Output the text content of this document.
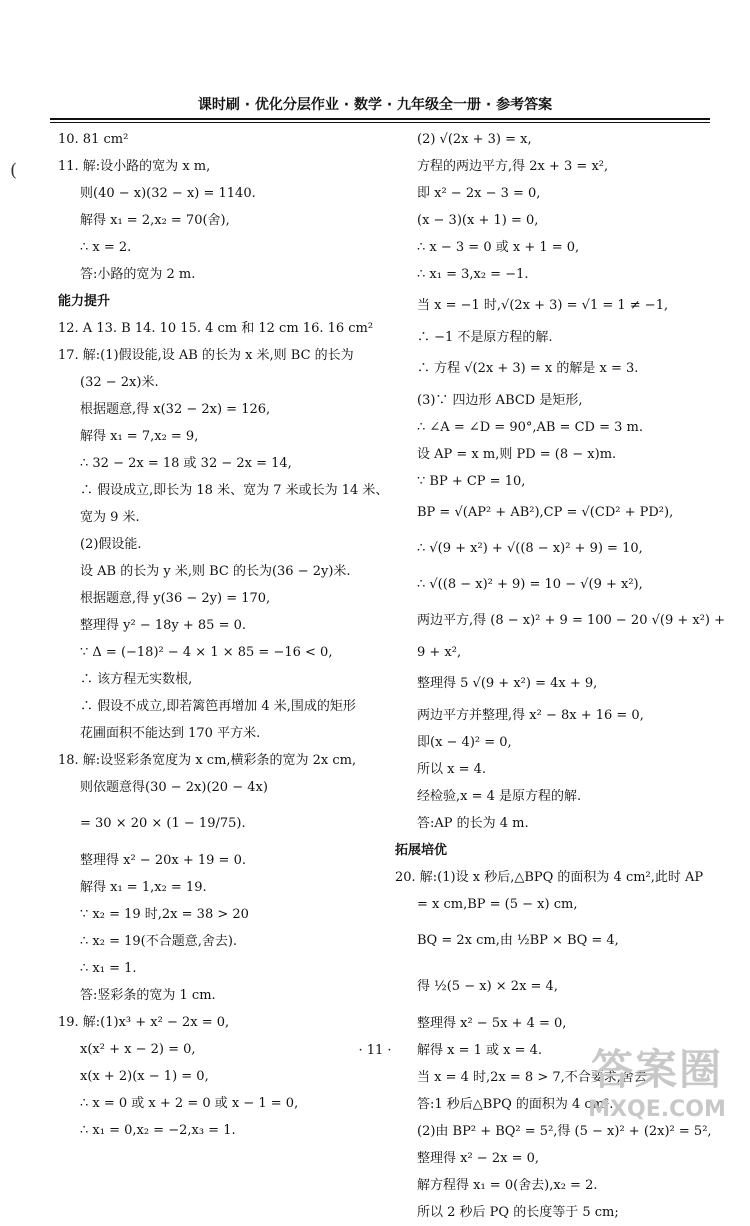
课时刷 · 优化分层作业 · 数学 · 九年级全一册 · 参考答案
(
10. 81 cm²
11. 解:设小路的宽为 x m,
则(40 − x)(32 − x) = 1140.
解得 x₁ = 2,x₂ = 70(舍),
∴ x = 2.
答:小路的宽为 2 m.
能力提升
12. A 13. B 14. 10 15. 4 cm 和 12 cm 16. 16 cm²
17. 解:(1)假设能,设 AB 的长为 x 米,则 BC 的长为
(32 − 2x)米.
根据题意,得 x(32 − 2x) = 126,
解得 x₁ = 7,x₂ = 9,
∴ 32 − 2x = 18 或 32 − 2x = 14,
∴ 假设成立,即长为 18 米、宽为 7 米或长为 14 米、
宽为 9 米.
(2)假设能.
设 AB 的长为 y 米,则 BC 的长为(36 − 2y)米.
根据题意,得 y(36 − 2y) = 170,
整理得 y² − 18y + 85 = 0.
∵ Δ = (−18)² − 4 × 1 × 85 = −16 < 0,
∴ 该方程无实数根,
∴ 假设不成立,即若篱笆再增加 4 米,围成的矩形
花圃面积不能达到 170 平方米.
18. 解:设竖彩条宽度为 x cm,横彩条的宽为 2x cm,
则依题意得(30 − 2x)(20 − 4x)
= 30 × 20 × (1 − 19/75).
整理得 x² − 20x + 19 = 0.
解得 x₁ = 1,x₂ = 19.
∵ x₂ = 19 时,2x = 38 > 20
∴ x₂ = 19(不合题意,舍去).
∴ x₁ = 1.
答:竖彩条的宽为 1 cm.
19. 解:(1)x³ + x² − 2x = 0,
x(x² + x − 2) = 0,
x(x + 2)(x − 1) = 0,
∴ x = 0 或 x + 2 = 0 或 x − 1 = 0,
∴ x₁ = 0,x₂ = −2,x₃ = 1.
(2) √(2x + 3) = x,
方程的两边平方,得 2x + 3 = x²,
即 x² − 2x − 3 = 0,
(x − 3)(x + 1) = 0,
∴ x − 3 = 0 或 x + 1 = 0,
∴ x₁ = 3,x₂ = −1.
当 x = −1 时,√(2x + 3) = √1 = 1 ≠ −1,
∴ −1 不是原方程的解.
∴ 方程 √(2x + 3) = x 的解是 x = 3.
(3)∵ 四边形 ABCD 是矩形,
∴ ∠A = ∠D = 90°,AB = CD = 3 m.
设 AP = x m,则 PD = (8 − x)m.
∵ BP + CP = 10,
BP = √(AP² + AB²),CP = √(CD² + PD²),
∴ √(9 + x²) + √((8 − x)² + 9) = 10,
∴ √((8 − x)² + 9) = 10 − √(9 + x²),
两边平方,得 (8 − x)² + 9 = 100 − 20 √(9 + x²) +
9 + x²,
整理得 5 √(9 + x²) = 4x + 9,
两边平方并整理,得 x² − 8x + 16 = 0,
即(x − 4)² = 0,
所以 x = 4.
经检验,x = 4 是原方程的解.
答:AP 的长为 4 m.
拓展培优
20. 解:(1)设 x 秒后,△BPQ 的面积为 4 cm²,此时 AP
= x cm,BP = (5 − x) cm,
BQ = 2x cm,由 ½BP × BQ = 4,
得 ½(5 − x) × 2x = 4,
整理得 x² − 5x + 4 = 0,
解得 x = 1 或 x = 4.
当 x = 4 时,2x = 8 > 7,不合要求,舍去.
答:1 秒后△BPQ 的面积为 4 cm².
(2)由 BP² + BQ² = 5²,得 (5 − x)² + (2x)² = 5²,
整理得 x² − 2x = 0,
解方程得 x₁ = 0(舍去),x₂ = 2.
所以 2 秒后 PQ 的长度等于 5 cm;
· 11 ·	答案圈
MXQE.COM
